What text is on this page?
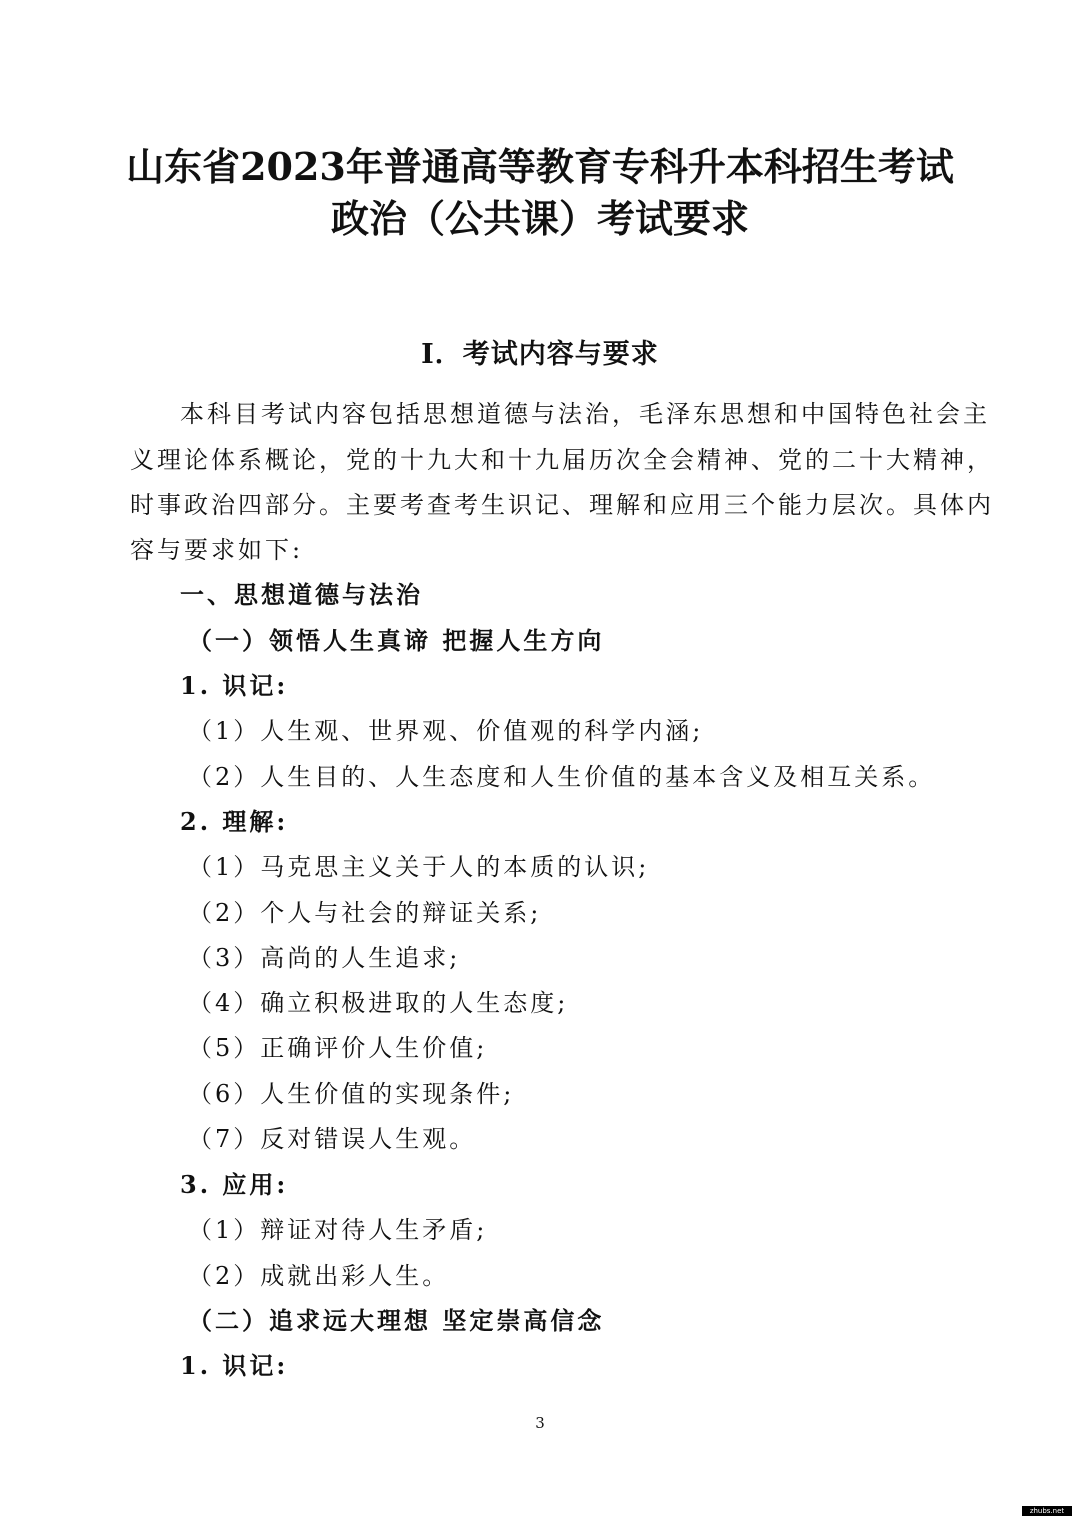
山东省2023年普通高等教育专科升本科招生考试
政治（公共课）考试要求
I．考试内容与要求
本科目考试内容包括思想道德与法治，毛泽东思想和中国特色社会主
义理论体系概论，党的十九大和十九届历次全会精神、党的二十大精神，
时事政治四部分。主要考查考生识记、理解和应用三个能力层次。具体内
容与要求如下:
一、思想道德与法治
（一）领悟人生真谛 把握人生方向
1. 识记:
（1）人生观、世界观、价值观的科学内涵;
（2）人生目的、人生态度和人生价值的基本含义及相互关系。
2. 理解:
（1）马克思主义关于人的本质的认识;
（2）个人与社会的辩证关系;
（3）高尚的人生追求;
（4）确立积极进取的人生态度;
（5）正确评价人生价值;
（6）人生价值的实现条件;
（7）反对错误人生观。
3. 应用:
（1）辩证对待人生矛盾;
（2）成就出彩人生。
（二）追求远大理想 坚定崇高信念
1. 识记:
3
zhubs.net
